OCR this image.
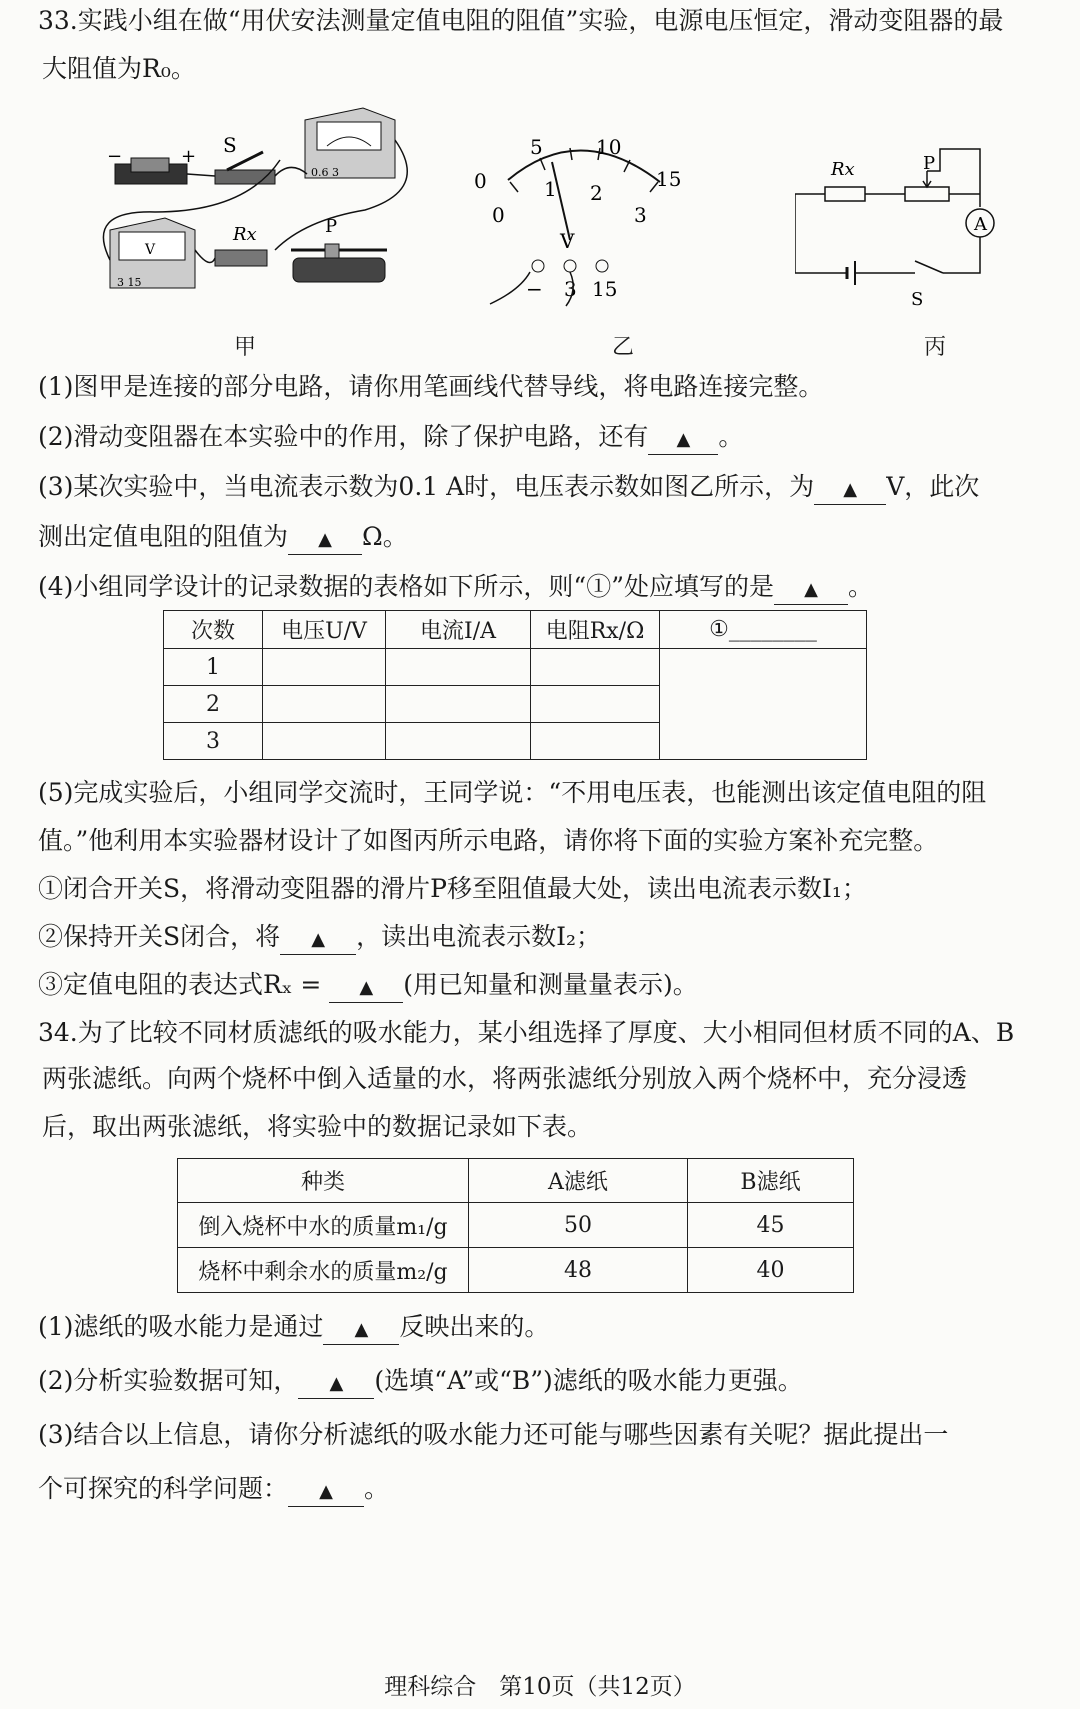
33.实践小组在做“用伏安法测量定值电阻的阻值”实验，电源电压恒定，滑动变阻器的最
大阻值为R₀。
−	+ S
0.6 3
V
3 15
Rx	P
甲
0
5	10
15
0
1 2
3
V
− 3 15
乙
Rx	P
A
S
丙
(1)图甲是连接的部分电路，请你用笔画线代替导线，将电路连接完整。
(2)滑动变阻器在本实验中的作用，除了保护电路，还有 ▲ 。
(3)某次实验中，当电流表示数为0.1 A时，电压表示数如图乙所示，为 ▲ V，此次
测出定值电阻的阻值为 ▲ Ω。
(4)小组同学设计的记录数据的表格如下所示，则“①”处应填写的是 ▲ 。
次数	电压U/V	电流I/A	电阻Rx/Ω	①________
1				
2				
3				
(5)完成实验后，小组同学交流时，王同学说：“不用电压表，也能测出该定值电阻的阻
值。”他利用本实验器材设计了如图丙所示电路，请你将下面的实验方案补充完整。
①闭合开关S，将滑动变阻器的滑片P移至阻值最大处，读出电流表示数I₁；
②保持开关S闭合，将 ▲ ，读出电流表示数I₂；
③定值电阻的表达式Rₓ = ▲ (用已知量和测量量表示)。
34.为了比较不同材质滤纸的吸水能力，某小组选择了厚度、大小相同但材质不同的A、B
两张滤纸。向两个烧杯中倒入适量的水，将两张滤纸分别放入两个烧杯中，充分浸透
后，取出两张滤纸，将实验中的数据记录如下表。
种类	A滤纸	B滤纸
倒入烧杯中水的质量m₁/g	50	45
烧杯中剩余水的质量m₂/g	48	40
(1)滤纸的吸水能力是通过 ▲ 反映出来的。
(2)分析实验数据可知， ▲ (选填“A”或“B”)滤纸的吸水能力更强。
(3)结合以上信息，请你分析滤纸的吸水能力还可能与哪些因素有关呢？据此提出一
个可探究的科学问题： ▲ 。
理科综合　第10页（共12页）
